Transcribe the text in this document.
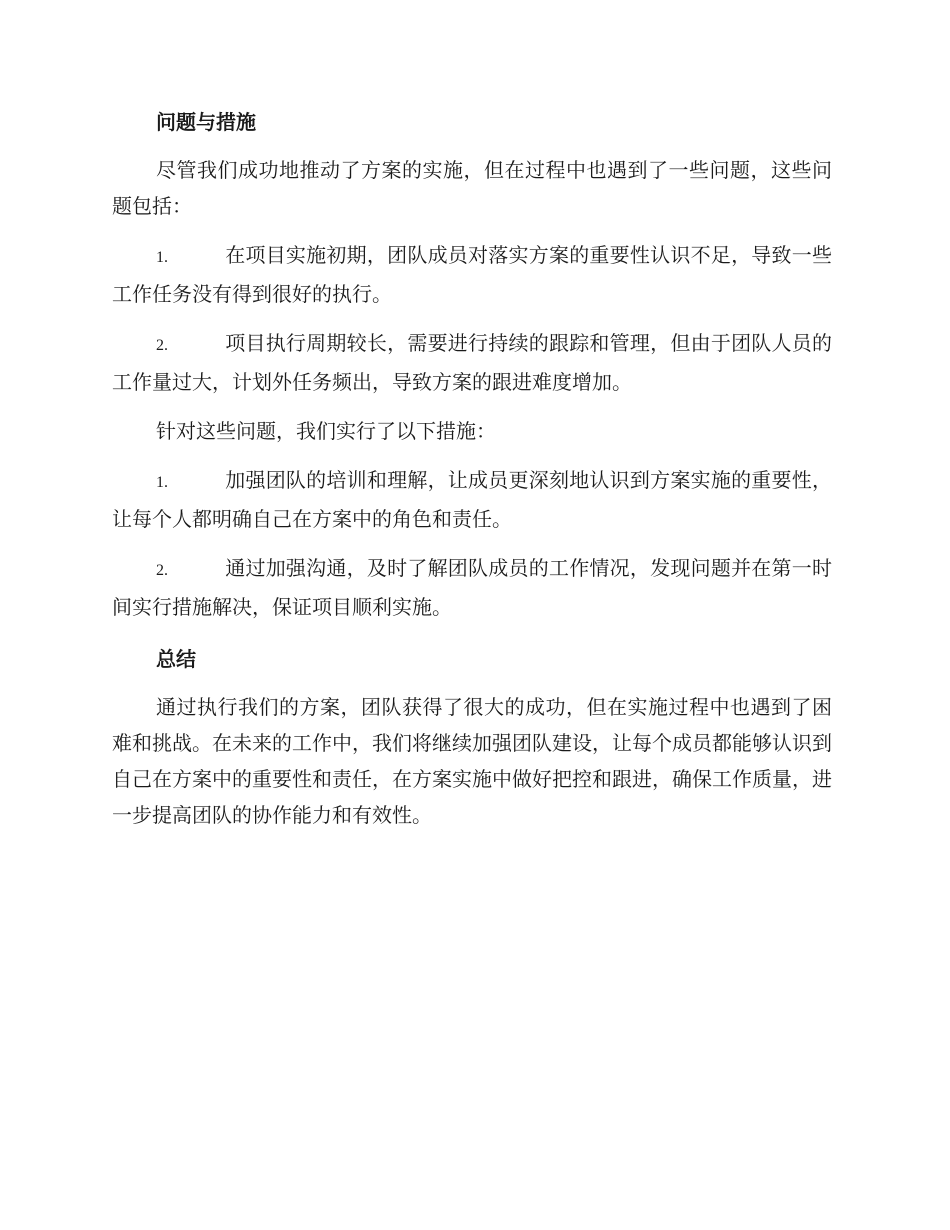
问题与措施

尽管我们成功地推动了方案的实施，但在过程中也遇到了一些问题，这些问题包括：

1.	在项目实施初期，团队成员对落实方案的重要性认识不足，导致一些工作任务没有得到很好的执行。

2.	项目执行周期较长，需要进行持续的跟踪和管理，但由于团队人员的工作量过大，计划外任务频出，导致方案的跟进难度增加。

针对这些问题，我们实行了以下措施：

1.	加强团队的培训和理解，让成员更深刻地认识到方案实施的重要性，让每个人都明确自己在方案中的角色和责任。

2.	通过加强沟通，及时了解团队成员的工作情况，发现问题并在第一时间实行措施解决，保证项目顺利实施。

总结

通过执行我们的方案，团队获得了很大的成功，但在实施过程中也遇到了困难和挑战。在未来的工作中，我们将继续加强团队建设，让每个成员都能够认识到自己在方案中的重要性和责任，在方案实施中做好把控和跟进，确保工作质量，进一步提高团队的协作能力和有效性。
